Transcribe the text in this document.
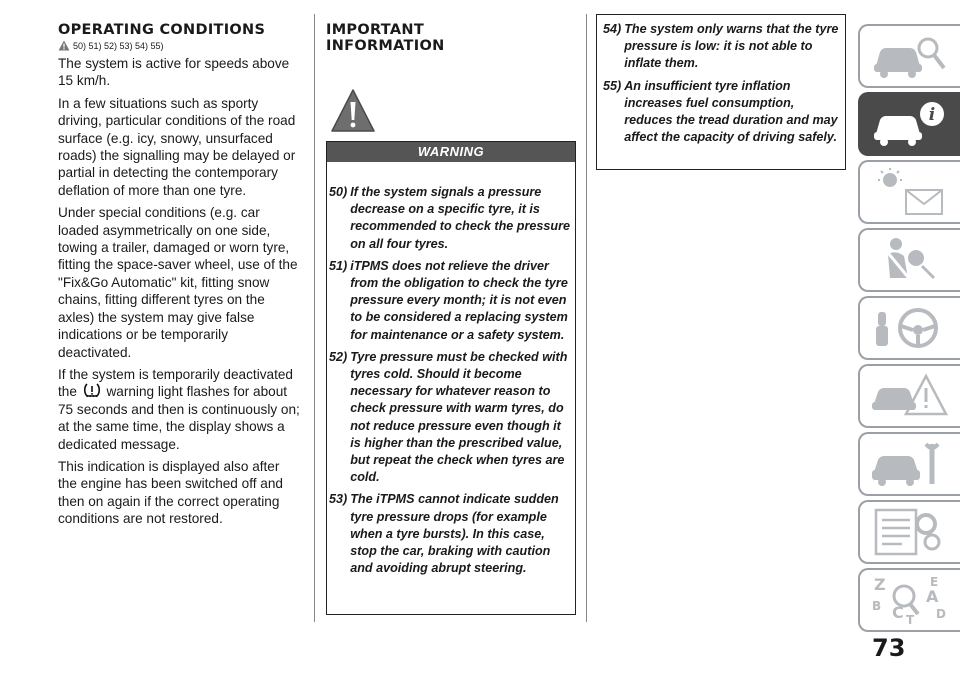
OPERATING CONDITIONS
50) 51) 52) 53) 54) 55)

The system is active for speeds above 15 km/h.

In a few situations such as sporty driving, particular conditions of the road surface (e.g. icy, snowy, unsurfaced roads) the signalling may be delayed or partial in detecting the contemporary deflation of more than one tyre.

Under special conditions (e.g. car loaded asymmetrically on one side, towing a trailer, damaged or worn tyre, fitting the space-saver wheel, use of the "Fix&Go Automatic" kit, fitting snow chains, fitting different tyres on the axles) the system may give false indications or be temporarily deactivated.

If the system is temporarily deactivated the warning light flashes for about 75 seconds and then is continuously on; at the same time, the display shows a dedicated message.

This indication is displayed also after the engine has been switched off and then on again if the correct operating conditions are not restored.

IMPORTANT
INFORMATION
WARNING
50) If the system signals a pressure decrease on a specific tyre, it is recommended to check the pressure on all four tyres.
51) iTPMS does not relieve the driver from the obligation to check the tyre pressure every month; it is not even to be considered a replacing system for maintenance or a safety system.
52) Tyre pressure must be checked with tyres cold. Should it become necessary for whatever reason to check pressure with warm tyres, do not reduce pressure even though it is higher than the prescribed value, but repeat the check when tyres are cold.
53) The iTPMS cannot indicate sudden tyre pressure drops (for example when a tyre bursts). In this case, stop the car, braking with caution and avoiding abrupt steering.
54) The system only warns that the tyre pressure is low: it is not able to inflate them.
55) An insufficient tyre inflation increases fuel consumption, reduces the tread duration and may affect the capacity of driving safely.
i
Z	E
A
B C T D
73
